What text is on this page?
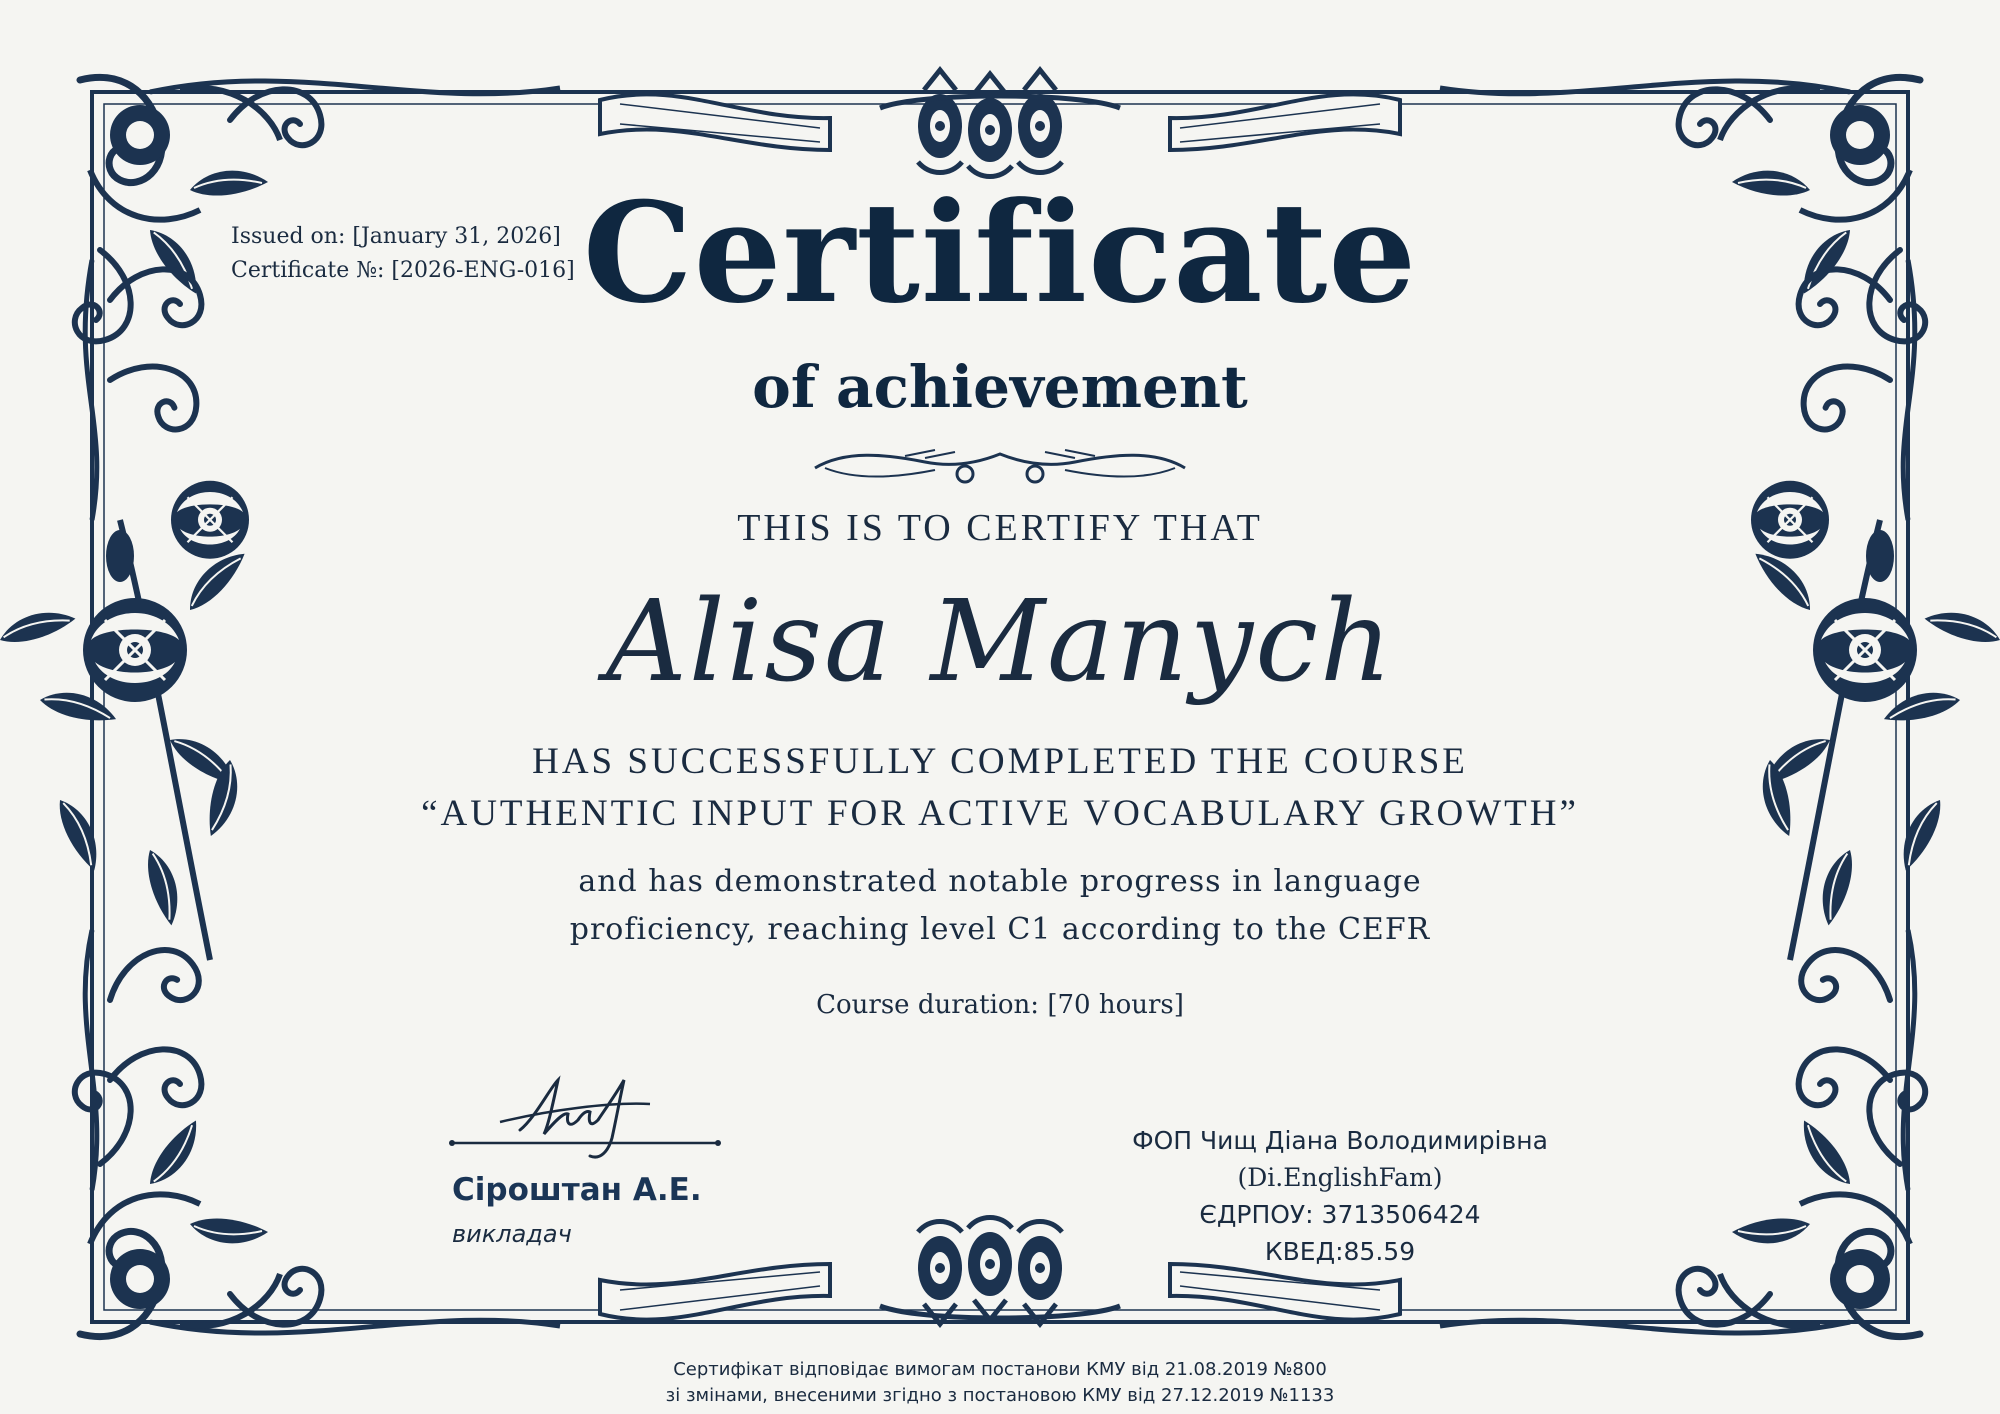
Issued on: [January 31, 2026]
Certificate №: [2026-ENG-016] Certificate
of achievement
THIS IS TO CERTIFY THAT
Alisa Manych
HAS SUCCESSFULLY COMPLETED THE COURSE
“AUTHENTIC INPUT FOR ACTIVE VOCABULARY GROWTH”
and has demonstrated notable progress in language
proficiency, reaching level C1 according to the CEFR
Course duration: [70 hours]
Сіроштан А.Е.
викладач
ФОП Чищ Діана Володимирівна
(Di.EnglishFam)
ЄДРПОУ: 3713506424 КВЕД:85.59
Сертифікат відповідає вимогам постанови КМУ від 21.08.2019 №800
зі змінами, внесеними згідно з постановою КМУ від 27.12.2019 №1133
